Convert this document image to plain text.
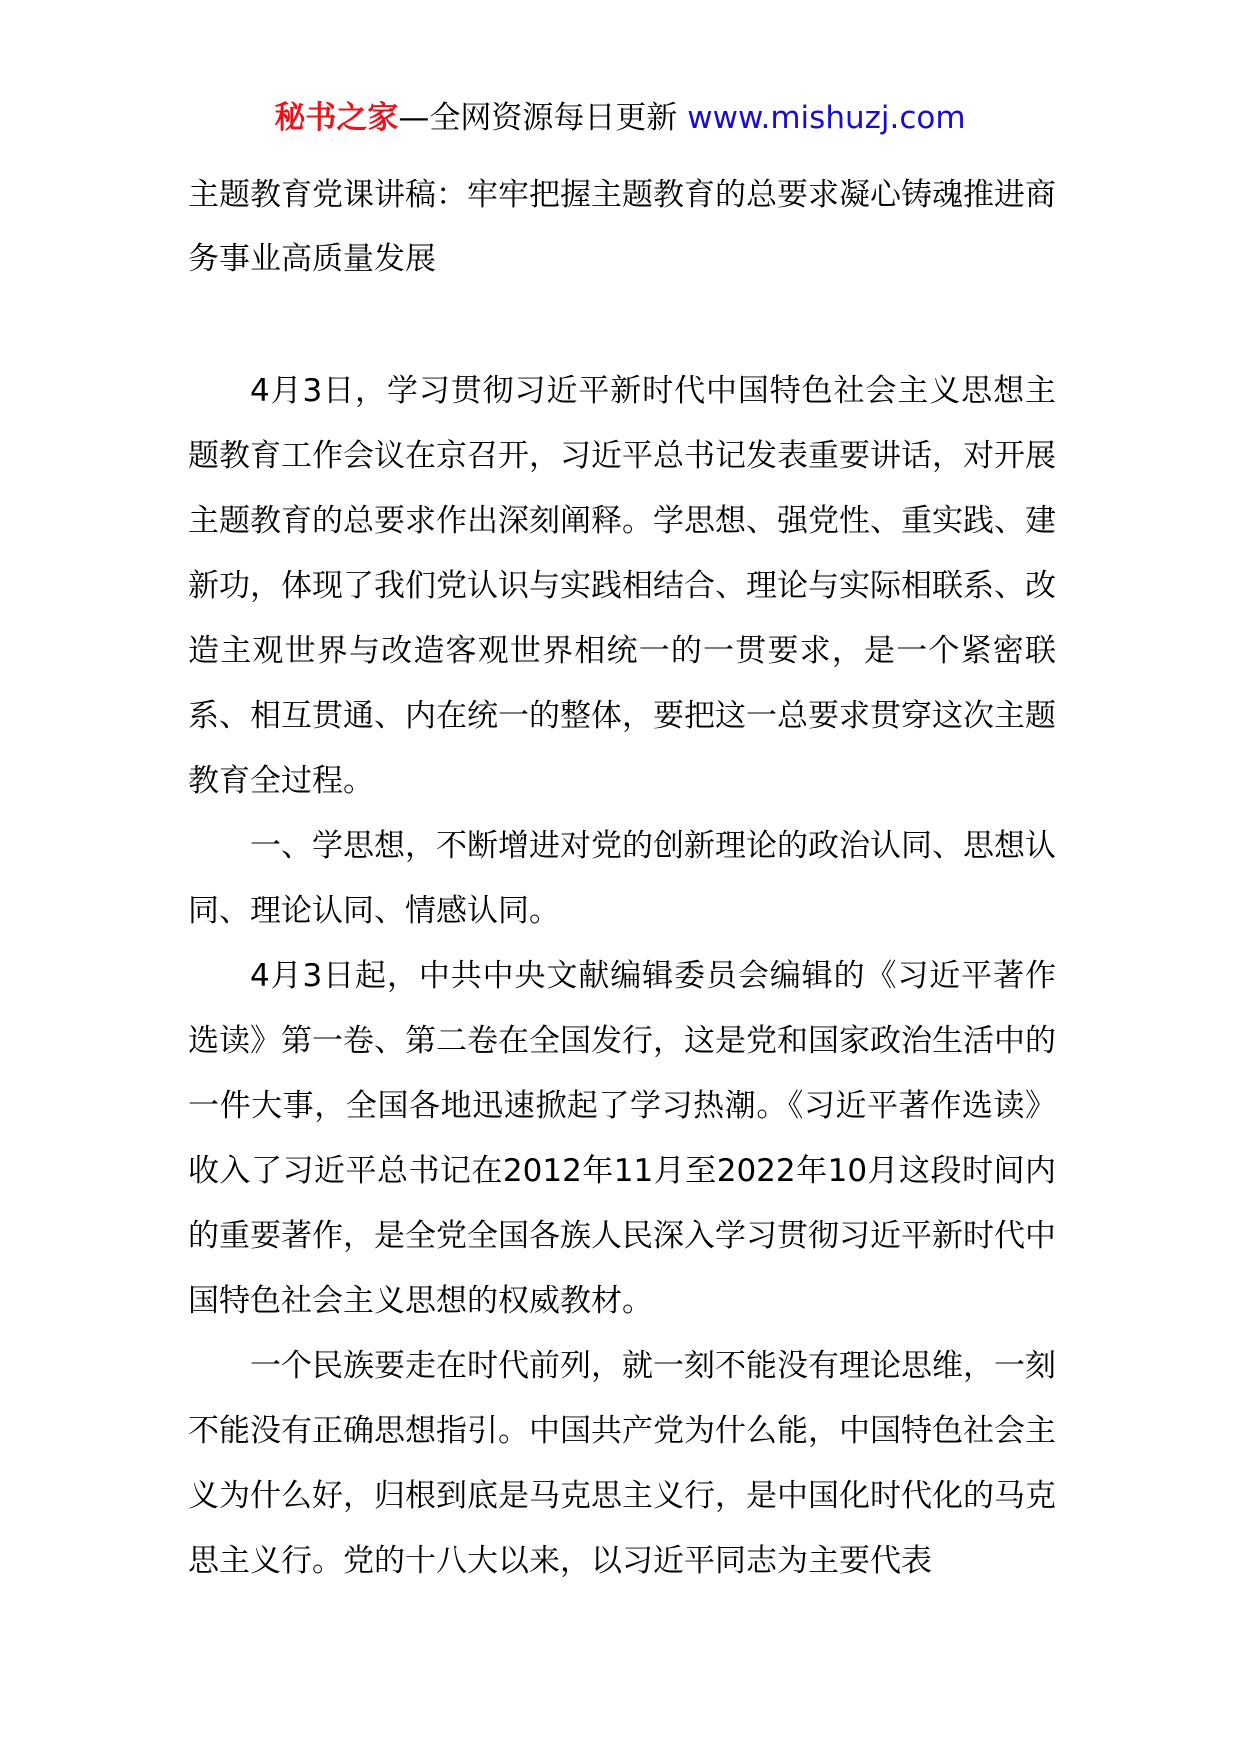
秘书之家—全网资源每日更新 www.mishuzj.com
主题教育党课讲稿：牢牢把握主题教育的总要求凝心铸魂推进商务事业高质量发展

4月3日，学习贯彻习近平新时代中国特色社会主义思想主题教育工作会议在京召开，习近平总书记发表重要讲话，对开展主题教育的总要求作出深刻阐释。学思想、强党性、重实践、建新功，体现了我们党认识与实践相结合、理论与实际相联系、改造主观世界与改造客观世界相统一的一贯要求，是一个紧密联系、相互贯通、内在统一的整体，要把这一总要求贯穿这次主题教育全过程。

一、学思想，不断增进对党的创新理论的政治认同、思想认同、理论认同、情感认同。

4月3日起，中共中央文献编辑委员会编辑的《习近平著作选读》第一卷、第二卷在全国发行，这是党和国家政治生活中的一件大事，全国各地迅速掀起了学习热潮。《习近平著作选读》收入了习近平总书记在2012年11月至2022年10月这段时间内的重要著作，是全党全国各族人民深入学习贯彻习近平新时代中国特色社会主义思想的权威教材。

一个民族要走在时代前列，就一刻不能没有理论思维，一刻不能没有正确思想指引。中国共产党为什么能，中国特色社会主义为什么好，归根到底是马克思主义行，是中国化时代化的马克思主义行。党的十八大以来，以习近平同志为主要代表
